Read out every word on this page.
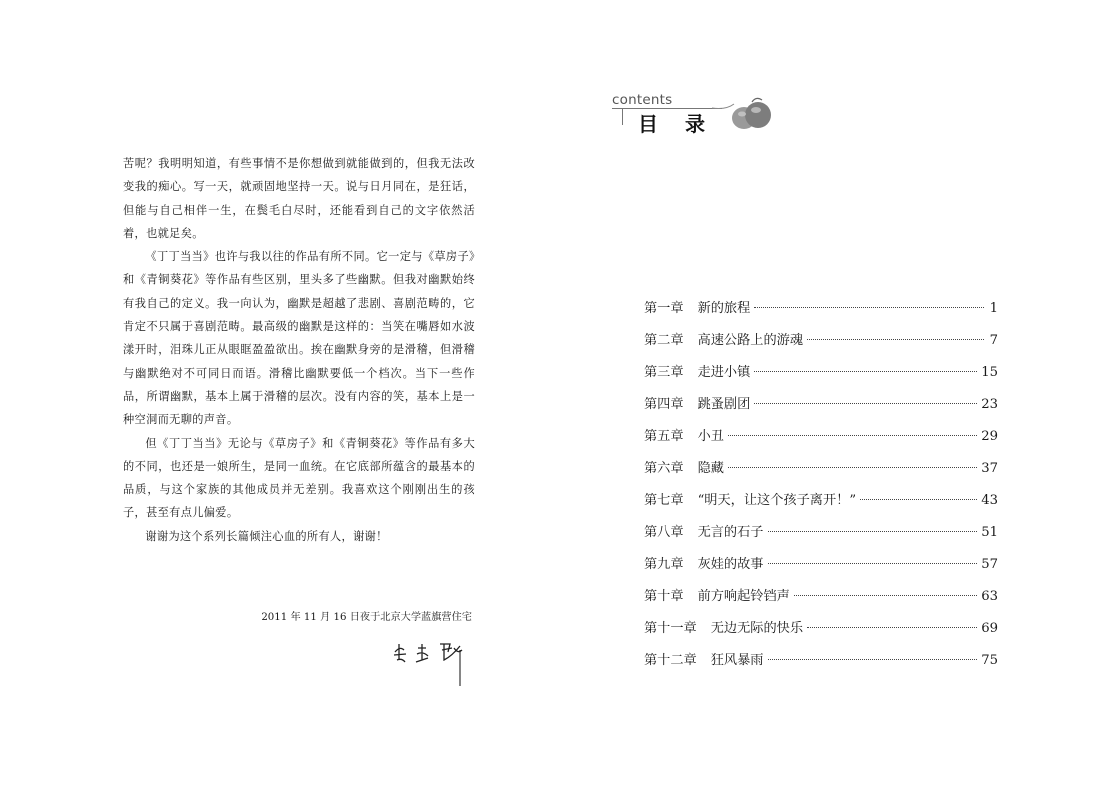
苦呢？我明明知道，有些事情不是你想做到就能做到的，但我无法改变我的痴心。写一天，就顽固地坚持一天。说与日月同在，是狂话，但能与自己相伴一生，在鬓毛白尽时，还能看到自己的文字依然活着，也就足矣。

《丁丁当当》也许与我以往的作品有所不同。它一定与《草房子》和《青铜葵花》等作品有些区别，里头多了些幽默。但我对幽默始终有我自己的定义。我一向认为，幽默是超越了悲剧、喜剧范畴的，它肯定不只属于喜剧范畴。最高级的幽默是这样的：当笑在嘴唇如水波漾开时，泪珠儿正从眼眶盈盈欲出。挨在幽默身旁的是滑稽，但滑稽与幽默绝对不可同日而语。滑稽比幽默要低一个档次。当下一些作品，所谓幽默，基本上属于滑稽的层次。没有内容的笑，基本上是一种空洞而无聊的声音。

但《丁丁当当》无论与《草房子》和《青铜葵花》等作品有多大的不同，也还是一娘所生，是同一血统。在它底部所蕴含的最基本的品质，与这个家族的其他成员并无差别。我喜欢这个刚刚出生的孩子，甚至有点儿偏爱。

谢谢为这个系列长篇倾注心血的所有人，谢谢！

2011 年 11 月 16 日夜于北京大学蓝旗营住宅
contents
目 录
第一章 新的旅程	1
第二章 高速公路上的游魂	7
第三章 走进小镇	15
第四章 跳蚤剧团	23
第五章 小丑	29
第六章 隐藏	37
第七章 “明天，让这个孩子离开！”	43
第八章 无言的石子	51
第九章 灰娃的故事	57
第十章 前方响起铃铛声	63
第十一章 无边无际的快乐	69
第十二章 狂风暴雨	75
